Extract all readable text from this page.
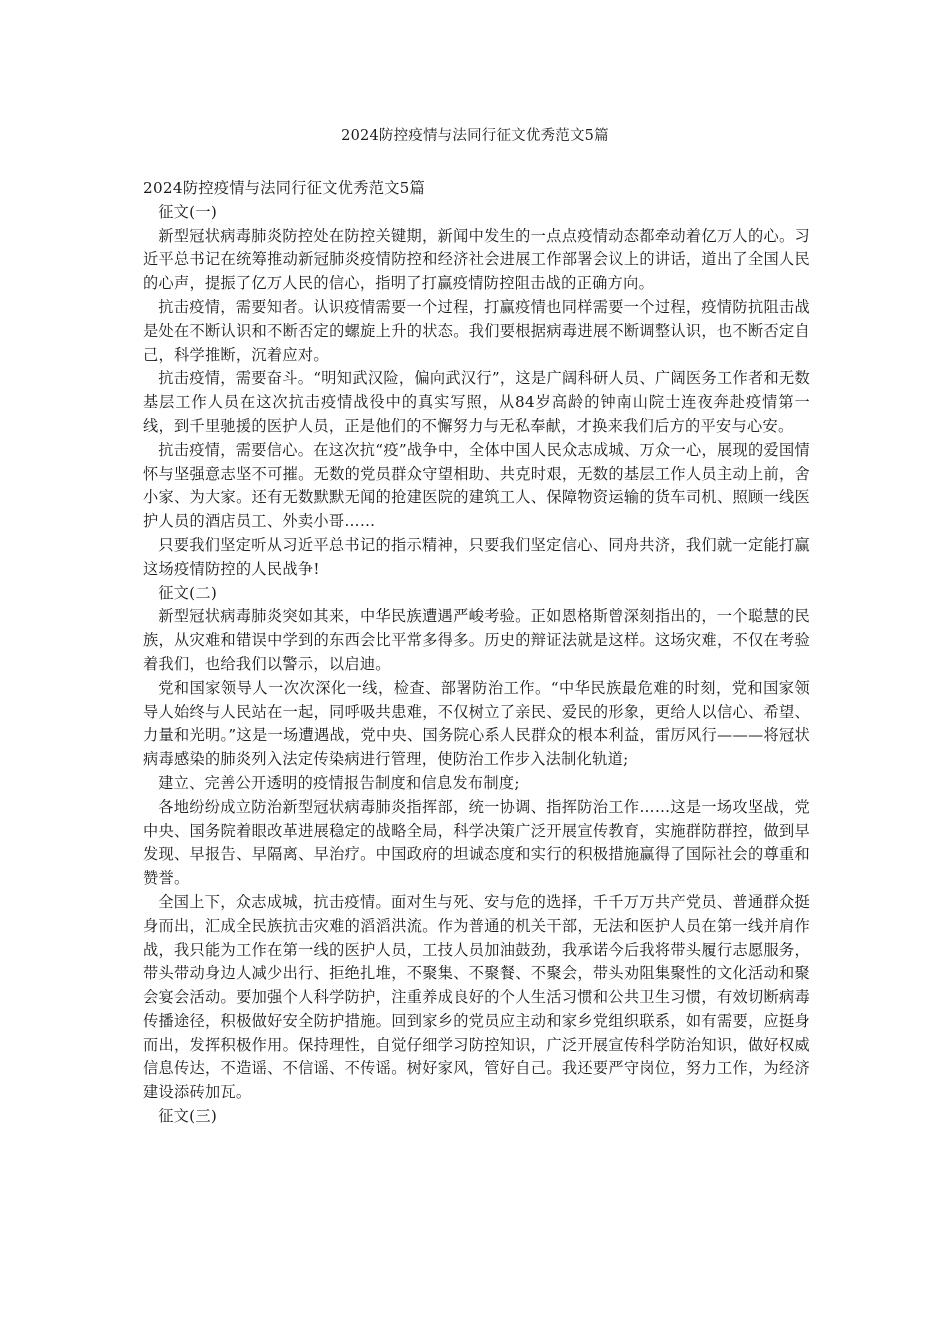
2024防控疫情与法同行征文优秀范文5篇

2024防控疫情与法同行征文优秀范文5篇

征文(一)

新型冠状病毒肺炎防控处在防控关键期，新闻中发生的一点点疫情动态都牵动着亿万人的心。习近平总书记在统筹推动新冠肺炎疫情防控和经济社会进展工作部署会议上的讲话，道出了全国人民的心声，提振了亿万人民的信心，指明了打赢疫情防控阻击战的正确方向。

抗击疫情，需要知者。认识疫情需要一个过程，打赢疫情也同样需要一个过程，疫情防抗阻击战是处在不断认识和不断否定的螺旋上升的状态。我们要根据病毒进展不断调整认识，也不断否定自己，科学推断，沉着应对。

抗击疫情，需要奋斗。“明知武汉险，偏向武汉行”，这是广阔科研人员、广阔医务工作者和无数基层工作人员在这次抗击疫情战役中的真实写照，从84岁高龄的钟南山院士连夜奔赴疫情第一线，到千里驰援的医护人员，正是他们的不懈努力与无私奉献，才换来我们后方的平安与心安。

抗击疫情，需要信心。在这次抗“疫”战争中，全体中国人民众志成城、万众一心，展现的爱国情怀与坚强意志坚不可摧。无数的党员群众守望相助、共克时艰，无数的基层工作人员主动上前，舍小家、为大家。还有无数默默无闻的抢建医院的建筑工人、保障物资运输的货车司机、照顾一线医护人员的酒店员工、外卖小哥……

只要我们坚定听从习近平总书记的指示精神，只要我们坚定信心、同舟共济，我们就一定能打赢这场疫情防控的人民战争!

征文(二)

新型冠状病毒肺炎突如其来，中华民族遭遇严峻考验。正如恩格斯曾深刻指出的，一个聪慧的民族，从灾难和错误中学到的东西会比平常多得多。历史的辩证法就是这样。这场灾难，不仅在考验着我们，也给我们以警示，以启迪。

党和国家领导人一次次深化一线，检查、部署防治工作。“中华民族最危难的时刻，党和国家领导人始终与人民站在一起，同呼吸共患难，不仅树立了亲民、爱民的形象，更给人以信心、希望、力量和光明。”这是一场遭遇战，党中央、国务院心系人民群众的根本利益，雷厉风行———将冠状病毒感染的肺炎列入法定传染病进行管理，使防治工作步入法制化轨道;

建立、完善公开透明的疫情报告制度和信息发布制度;

各地纷纷成立防治新型冠状病毒肺炎指挥部，统一协调、指挥防治工作……这是一场攻坚战，党中央、国务院着眼改革进展稳定的战略全局，科学决策广泛开展宣传教育，实施群防群控，做到早发现、早报告、早隔离、早治疗。中国政府的坦诚态度和实行的积极措施赢得了国际社会的尊重和赞誉。

全国上下，众志成城，抗击疫情。面对生与死、安与危的选择，千千万万共产党员、普通群众挺身而出，汇成全民族抗击灾难的滔滔洪流。作为普通的机关干部，无法和医护人员在第一线并肩作战，我只能为工作在第一线的医护人员，工技人员加油鼓劲，我承诺今后我将带头履行志愿服务，带头带动身边人减少出行、拒绝扎堆，不聚集、不聚餐、不聚会，带头劝阻集聚性的文化活动和聚会宴会活动。要加强个人科学防护，注重养成良好的个人生活习惯和公共卫生习惯，有效切断病毒传播途径，积极做好安全防护措施。回到家乡的党员应主动和家乡党组织联系，如有需要，应挺身而出，发挥积极作用。保持理性，自觉仔细学习防控知识，广泛开展宣传科学防治知识，做好权威信息传达，不造谣、不信谣、不传谣。树好家风，管好自己。我还要严守岗位，努力工作，为经济建设添砖加瓦。

征文(三)
